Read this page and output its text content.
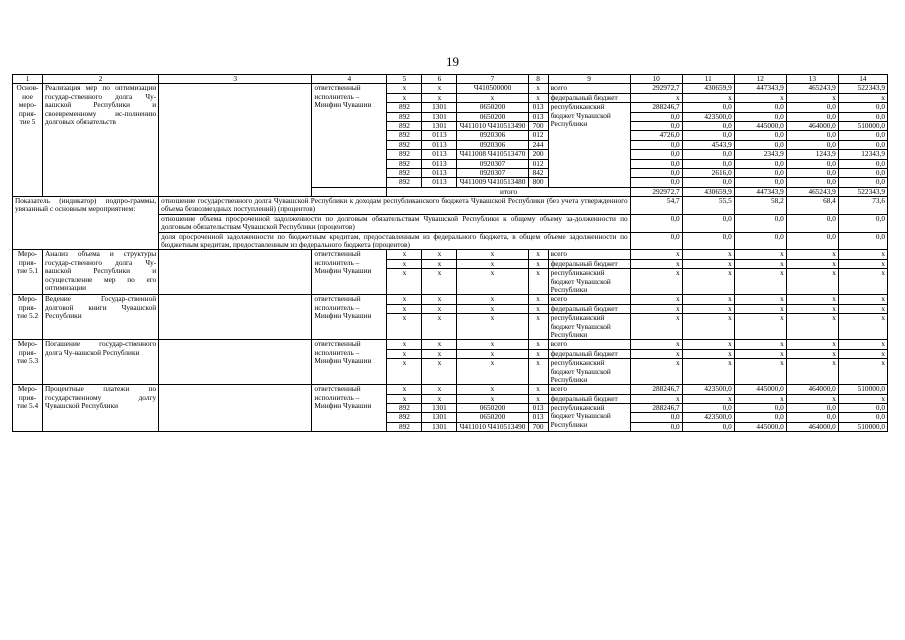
19
1	2	3	4	5	6	7	8	9	10	11	12	13	14
Основ-ное меро-прия-тие 5	Реализация мер по оптимизации государ-ственного долга Чу-вашской Республики и своевременному ис-полнению долговых обязательств		ответственный исполнитель – Минфин Чувашии	x	x	Ч410500000	x	всего	292972,7	430659,9	447343,9	465243,9	522343,9
				x	x	x	x	федеральный бюджет	x	x	x	x	x
				892	1301	0650200	013	республиканский бюджет Чувашской Республики	288246,7	0,0	0,0	0,0	0,0
				892	1301	0650200	013		0,0	423500,0	0,0	0,0	0,0
				892	1301	Ч411010 Ч410513490	700		0,0	0,0	445000,0	464000,0	510000,0
				892	0113	0920306	012		4726,0	0,0	0,0	0,0	0,0
				892	0113	0920306	244		0,0	4543,9	0,0	0,0	0,0
				892	0113	Ч411008 Ч410513470	200		0,0	0,0	2343,9	1243,9	12343,9
				892	0113	0920307	012		0,0	0,0	0,0	0,0	0,0
				892	0113	0920307	842		0,0	2616,0	0,0	0,0	0,0
				892	0113	Ч411009 Ч410513480	800		0,0	0,0	0,0	0,0	0,0
				итого					292972,7	430659,9	447343,9	465243,9	522343,9
Показатель (индикатор) подпро-граммы, увязанный с основным мероприятием:		отношение государственного долга Чувашской Республики к доходам республиканского бюджета Чувашской Республики (без учета утвержденного объема безвозмездных поступлений) (процентов)							54,7	55,5	58,2	68,4	73,6
		отношение объема просроченной задолженности по долговым обязательствам Чувашской Республики к общему объему за-долженности по долговым обязательствам Чувашской Республики (процентов)							0,0	0,0	0,0	0,0	0,0
		доля просроченной задолженности по бюджетным кредитам, предоставленным из федерального бюджета, в общем объеме задолженности по бюджетным кредитам, предоставленным из федерального бюджета (процентов)							0,0	0,0	0,0	0,0	0,0
Меро-прия-тие 5.1	Анализ объема и структуры государ-ственного долга Чу-вашской Республики и осуществление мер по его оптимизации		ответственный исполнитель – Минфин Чувашии	x	x	x	x	всего	x	x	x	x	x
				x	x	x	x	федеральный бюджет	x	x	x	x	x
				x	x	x	x	республиканский бюджет Чувашской Республики	x	x	x	x	x
Меро-прия-тие 5.2	Ведение Государ-ственной долговой книги Чувашской Республики		ответственный исполнитель – Минфин Чувашии	x	x	x	x	всего	x	x	x	x	x
				x	x	x	x	федеральный бюджет	x	x	x	x	x
				x	x	x	x	республиканский бюджет Чувашской Республики	x	x	x	x	x
Меро-прия-тие 5.3	Погашение государ-ственного долга Чу-вашской Республики		ответственный исполнитель – Минфин Чувашии	x	x	x	x	всего	x	x	x	x	x
				x	x	x	x	федеральный бюджет	x	x	x	x	x
				x	x	x	x	республиканский бюджет Чувашской Республики	x	x	x	x	x
Меро-прия-тие 5.4	Процентные платежи по государственному долгу Чувашской Республики		ответственный исполнитель – Минфин Чувашии	x	x	x	x	всего	288246,7	423500,0	445000,0	464000,0	510000,0
				x	x	x	x	федеральный бюджет	x	x	x	x	x
				892	1301	0650200	013	республиканский бюджет Чувашской Республики	288246,7	0,0	0,0	0,0	0,0
				892	1301	0650200	013		0,0	423500,0	0,0	0,0	0,0
				892	1301	Ч411010 Ч410513490	700		0,0	0,0	445000,0	464000,0	510000,0
